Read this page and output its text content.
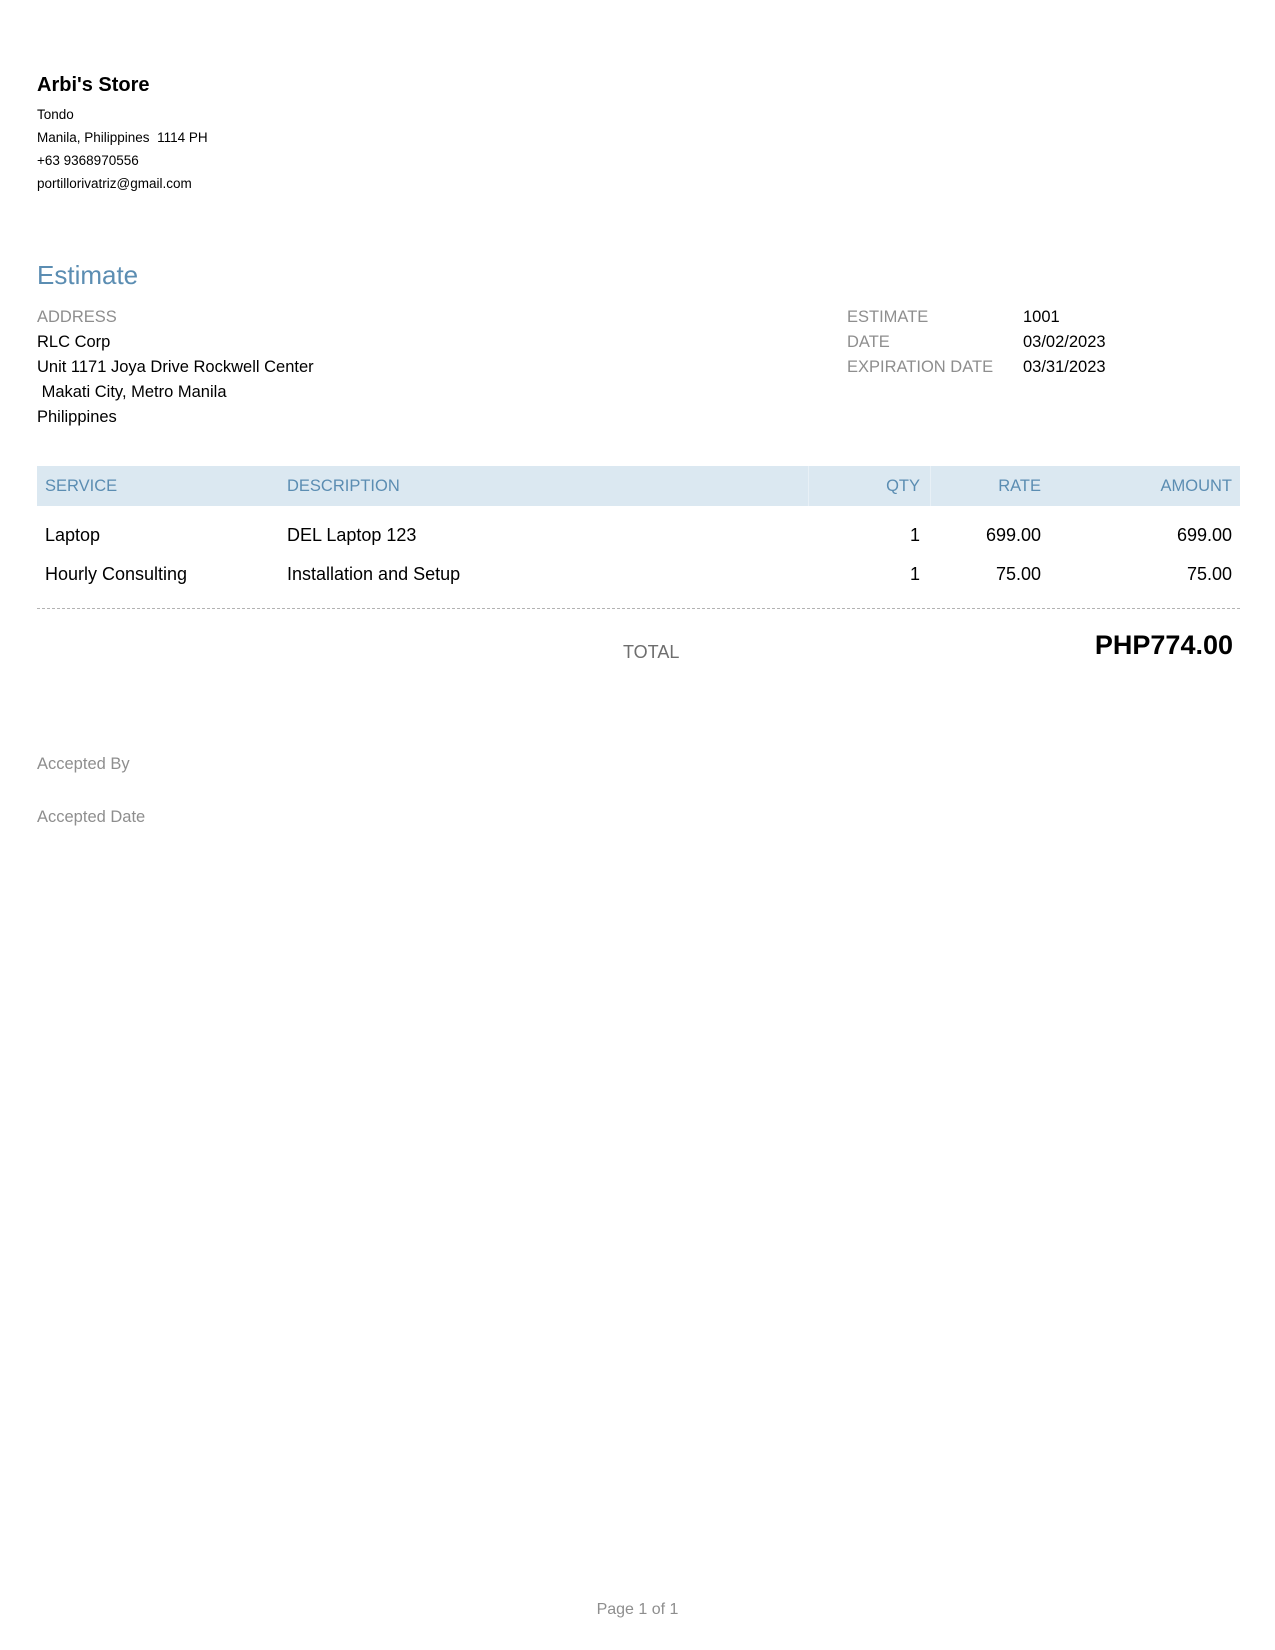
Arbi's Store
Tondo
Manila, Philippines  1114 PH
+63 9368970556
portillorivatriz@gmail.com
Estimate
ADDRESS
RLC Corp
Unit 1171 Joya Drive Rockwell Center
Makati City, Metro Manila
Philippines
ESTIMATE	1001
DATE	03/02/2023
EXPIRATION DATE 03/31/2023
SERVICE	DESCRIPTION	QTY	RATE	AMOUNT
Laptop	DEL Laptop 123	1	699.00	699.00
Hourly Consulting	Installation and Setup	1	75.00	75.00
TOTAL	PHP774.00
Accepted By
Accepted Date
Page 1 of 1
